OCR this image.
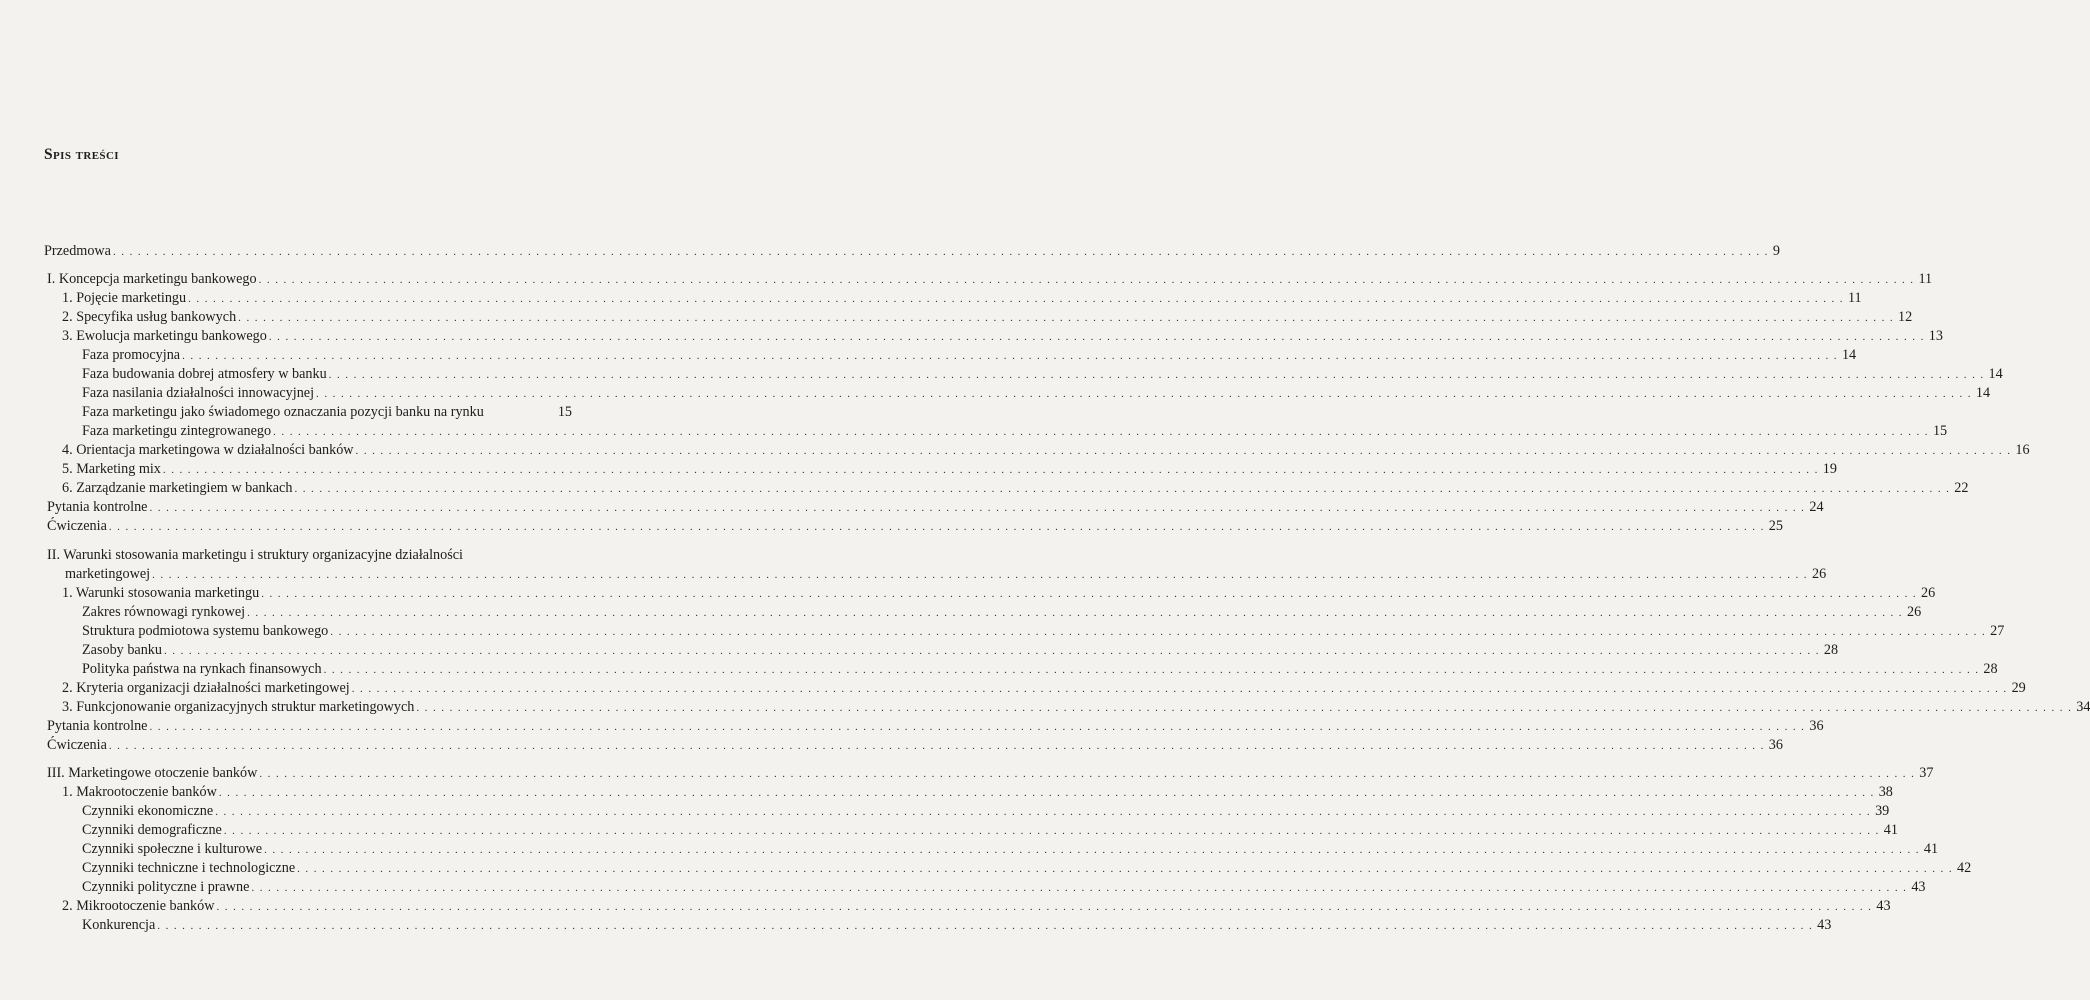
Spis treści
II. Warunki stosowania marketingu i struktury organizacyjne działalności
Przedmowa . . . . . . . . . . . . . . . . . . . . . . . . . . . . . . . . . . . . . . . . . . . . . . . . . . . . . . . . . . . . . . . . . . . . . . . . . . . . . . . . . . . . . . . . . . . . . . . . . . . . . . . . . . . . . . . . . . . . . . . . . . . . . . . . . . . . . . . . . . . . . . . . . . . . . . . . . . . . . . . . . . . . . . . . . . . . . . . . . . . . . . . . . . . . . . . . . . . . . . . . 9
I. Koncepcja marketingu bankowego . . . . . . . . . . . . . . . . . . . . . . . . . . . . . . . . . . . . . . . . . . . . . . . . . . . . . . . . . . . . . . . . . . . . . . . . . . . . . . . . . . . . . . . . . . . . . . . . . . . . . . . . . . . . . . . . . . . . . . . . . . . . . . . . . . . . . . . . . . . . . . . . . . . . . . . . . . . . . . . . . . . . . . . . . . . . . . . . . . . . . . . . . . . . . . . . . . . . . . . . 11
1. Pojęcie marketingu . . . . . . . . . . . . . . . . . . . . . . . . . . . . . . . . . . . . . . . . . . . . . . . . . . . . . . . . . . . . . . . . . . . . . . . . . . . . . . . . . . . . . . . . . . . . . . . . . . . . . . . . . . . . . . . . . . . . . . . . . . . . . . . . . . . . . . . . . . . . . . . . . . . . . . . . . . . . . . . . . . . . . . . . . . . . . . . . . . . . . . . . . . . . . . . . . . . . . . . . 11
2. Specyfika usług bankowych . . . . . . . . . . . . . . . . . . . . . . . . . . . . . . . . . . . . . . . . . . . . . . . . . . . . . . . . . . . . . . . . . . . . . . . . . . . . . . . . . . . . . . . . . . . . . . . . . . . . . . . . . . . . . . . . . . . . . . . . . . . . . . . . . . . . . . . . . . . . . . . . . . . . . . . . . . . . . . . . . . . . . . . . . . . . . . . . . . . . . . . . . . . . . . . . . . . . . . . . 12
3. Ewolucja marketingu bankowego . . . . . . . . . . . . . . . . . . . . . . . . . . . . . . . . . . . . . . . . . . . . . . . . . . . . . . . . . . . . . . . . . . . . . . . . . . . . . . . . . . . . . . . . . . . . . . . . . . . . . . . . . . . . . . . . . . . . . . . . . . . . . . . . . . . . . . . . . . . . . . . . . . . . . . . . . . . . . . . . . . . . . . . . . . . . . . . . . . . . . . . . . . . . . . . . . . . . . . . . 13
Faza promocyjna . . . . . . . . . . . . . . . . . . . . . . . . . . . . . . . . . . . . . . . . . . . . . . . . . . . . . . . . . . . . . . . . . . . . . . . . . . . . . . . . . . . . . . . . . . . . . . . . . . . . . . . . . . . . . . . . . . . . . . . . . . . . . . . . . . . . . . . . . . . . . . . . . . . . . . . . . . . . . . . . . . . . . . . . . . . . . . . . . . . . . . . . . . . . . . . . . . . . . . . . 14
Faza budowania dobrej atmosfery w banku . . . . . . . . . . . . . . . . . . . . . . . . . . . . . . . . . . . . . . . . . . . . . . . . . . . . . . . . . . . . . . . . . . . . . . . . . . . . . . . . . . . . . . . . . . . . . . . . . . . . . . . . . . . . . . . . . . . . . . . . . . . . . . . . . . . . . . . . . . . . . . . . . . . . . . . . . . . . . . . . . . . . . . . . . . . . . . . . . . . . . . . . . . . . . . . . . . . . . . . . 14
Faza nasilania działalności innowacyjnej . . . . . . . . . . . . . . . . . . . . . . . . . . . . . . . . . . . . . . . . . . . . . . . . . . . . . . . . . . . . . . . . . . . . . . . . . . . . . . . . . . . . . . . . . . . . . . . . . . . . . . . . . . . . . . . . . . . . . . . . . . . . . . . . . . . . . . . . . . . . . . . . . . . . . . . . . . . . . . . . . . . . . . . . . . . . . . . . . . . . . . . . . . . . . . . . . . . . . . . . 14
Faza marketingu jako świadomego oznaczania pozycji banku na rynku	15
Faza marketingu zintegrowanego . . . . . . . . . . . . . . . . . . . . . . . . . . . . . . . . . . . . . . . . . . . . . . . . . . . . . . . . . . . . . . . . . . . . . . . . . . . . . . . . . . . . . . . . . . . . . . . . . . . . . . . . . . . . . . . . . . . . . . . . . . . . . . . . . . . . . . . . . . . . . . . . . . . . . . . . . . . . . . . . . . . . . . . . . . . . . . . . . . . . . . . . . . . . . . . . . . . . . . . . 15
4. Orientacja marketingowa w działalności banków . . . . . . . . . . . . . . . . . . . . . . . . . . . . . . . . . . . . . . . . . . . . . . . . . . . . . . . . . . . . . . . . . . . . . . . . . . . . . . . . . . . . . . . . . . . . . . . . . . . . . . . . . . . . . . . . . . . . . . . . . . . . . . . . . . . . . . . . . . . . . . . . . . . . . . . . . . . . . . . . . . . . . . . . . . . . . . . . . . . . . . . . . . . . . . . . . . . . . . . . 16
5. Marketing mix . . . . . . . . . . . . . . . . . . . . . . . . . . . . . . . . . . . . . . . . . . . . . . . . . . . . . . . . . . . . . . . . . . . . . . . . . . . . . . . . . . . . . . . . . . . . . . . . . . . . . . . . . . . . . . . . . . . . . . . . . . . . . . . . . . . . . . . . . . . . . . . . . . . . . . . . . . . . . . . . . . . . . . . . . . . . . . . . . . . . . . . . . . . . . . . . . . . . . . . . 19
6. Zarządzanie marketingiem w bankach . . . . . . . . . . . . . . . . . . . . . . . . . . . . . . . . . . . . . . . . . . . . . . . . . . . . . . . . . . . . . . . . . . . . . . . . . . . . . . . . . . . . . . . . . . . . . . . . . . . . . . . . . . . . . . . . . . . . . . . . . . . . . . . . . . . . . . . . . . . . . . . . . . . . . . . . . . . . . . . . . . . . . . . . . . . . . . . . . . . . . . . . . . . . . . . . . . . . . . . . 22
Pytania kontrolne . . . . . . . . . . . . . . . . . . . . . . . . . . . . . . . . . . . . . . . . . . . . . . . . . . . . . . . . . . . . . . . . . . . . . . . . . . . . . . . . . . . . . . . . . . . . . . . . . . . . . . . . . . . . . . . . . . . . . . . . . . . . . . . . . . . . . . . . . . . . . . . . . . . . . . . . . . . . . . . . . . . . . . . . . . . . . . . . . . . . . . . . . . . . . . . . . . . . . . . . 24
Ćwiczenia . . . . . . . . . . . . . . . . . . . . . . . . . . . . . . . . . . . . . . . . . . . . . . . . . . . . . . . . . . . . . . . . . . . . . . . . . . . . . . . . . . . . . . . . . . . . . . . . . . . . . . . . . . . . . . . . . . . . . . . . . . . . . . . . . . . . . . . . . . . . . . . . . . . . . . . . . . . . . . . . . . . . . . . . . . . . . . . . . . . . . . . . . . . . . . . . . . . . . . . . 25
marketingowej . . . . . . . . . . . . . . . . . . . . . . . . . . . . . . . . . . . . . . . . . . . . . . . . . . . . . . . . . . . . . . . . . . . . . . . . . . . . . . . . . . . . . . . . . . . . . . . . . . . . . . . . . . . . . . . . . . . . . . . . . . . . . . . . . . . . . . . . . . . . . . . . . . . . . . . . . . . . . . . . . . . . . . . . . . . . . . . . . . . . . . . . . . . . . . . . . . . . . . . . 26
1. Warunki stosowania marketingu . . . . . . . . . . . . . . . . . . . . . . . . . . . . . . . . . . . . . . . . . . . . . . . . . . . . . . . . . . . . . . . . . . . . . . . . . . . . . . . . . . . . . . . . . . . . . . . . . . . . . . . . . . . . . . . . . . . . . . . . . . . . . . . . . . . . . . . . . . . . . . . . . . . . . . . . . . . . . . . . . . . . . . . . . . . . . . . . . . . . . . . . . . . . . . . . . . . . . . . . 26
Zakres równowagi rynkowej . . . . . . . . . . . . . . . . . . . . . . . . . . . . . . . . . . . . . . . . . . . . . . . . . . . . . . . . . . . . . . . . . . . . . . . . . . . . . . . . . . . . . . . . . . . . . . . . . . . . . . . . . . . . . . . . . . . . . . . . . . . . . . . . . . . . . . . . . . . . . . . . . . . . . . . . . . . . . . . . . . . . . . . . . . . . . . . . . . . . . . . . . . . . . . . . . . . . . . . . 26
Struktura podmiotowa systemu bankowego . . . . . . . . . . . . . . . . . . . . . . . . . . . . . . . . . . . . . . . . . . . . . . . . . . . . . . . . . . . . . . . . . . . . . . . . . . . . . . . . . . . . . . . . . . . . . . . . . . . . . . . . . . . . . . . . . . . . . . . . . . . . . . . . . . . . . . . . . . . . . . . . . . . . . . . . . . . . . . . . . . . . . . . . . . . . . . . . . . . . . . . . . . . . . . . . . . . . . . . . 27
Zasoby banku . . . . . . . . . . . . . . . . . . . . . . . . . . . . . . . . . . . . . . . . . . . . . . . . . . . . . . . . . . . . . . . . . . . . . . . . . . . . . . . . . . . . . . . . . . . . . . . . . . . . . . . . . . . . . . . . . . . . . . . . . . . . . . . . . . . . . . . . . . . . . . . . . . . . . . . . . . . . . . . . . . . . . . . . . . . . . . . . . . . . . . . . . . . . . . . . . . . . . . . . 28
Polityka państwa na rynkach finansowych . . . . . . . . . . . . . . . . . . . . . . . . . . . . . . . . . . . . . . . . . . . . . . . . . . . . . . . . . . . . . . . . . . . . . . . . . . . . . . . . . . . . . . . . . . . . . . . . . . . . . . . . . . . . . . . . . . . . . . . . . . . . . . . . . . . . . . . . . . . . . . . . . . . . . . . . . . . . . . . . . . . . . . . . . . . . . . . . . . . . . . . . . . . . . . . . . . . . . . . . 28
2. Kryteria organizacji działalności marketingowej . . . . . . . . . . . . . . . . . . . . . . . . . . . . . . . . . . . . . . . . . . . . . . . . . . . . . . . . . . . . . . . . . . . . . . . . . . . . . . . . . . . . . . . . . . . . . . . . . . . . . . . . . . . . . . . . . . . . . . . . . . . . . . . . . . . . . . . . . . . . . . . . . . . . . . . . . . . . . . . . . . . . . . . . . . . . . . . . . . . . . . . . . . . . . . . . . . . . . . . . 29
3. Funkcjonowanie organizacyjnych struktur marketingowych . . . . . . . . . . . . . . . . . . . . . . . . . . . . . . . . . . . . . . . . . . . . . . . . . . . . . . . . . . . . . . . . . . . . . . . . . . . . . . . . . . . . . . . . . . . . . . . . . . . . . . . . . . . . . . . . . . . . . . . . . . . . . . . . . . . . . . . . . . . . . . . . . . . . . . . . . . . . . . . . . . . . . . . . . . . . . . . . . . . . . . . . . . . . . . . . . . . . . . . . 34
Pytania kontrolne . . . . . . . . . . . . . . . . . . . . . . . . . . . . . . . . . . . . . . . . . . . . . . . . . . . . . . . . . . . . . . . . . . . . . . . . . . . . . . . . . . . . . . . . . . . . . . . . . . . . . . . . . . . . . . . . . . . . . . . . . . . . . . . . . . . . . . . . . . . . . . . . . . . . . . . . . . . . . . . . . . . . . . . . . . . . . . . . . . . . . . . . . . . . . . . . . . . . . . . . 36
Ćwiczenia . . . . . . . . . . . . . . . . . . . . . . . . . . . . . . . . . . . . . . . . . . . . . . . . . . . . . . . . . . . . . . . . . . . . . . . . . . . . . . . . . . . . . . . . . . . . . . . . . . . . . . . . . . . . . . . . . . . . . . . . . . . . . . . . . . . . . . . . . . . . . . . . . . . . . . . . . . . . . . . . . . . . . . . . . . . . . . . . . . . . . . . . . . . . . . . . . . . . . . . . 36
III. Marketingowe otoczenie banków . . . . . . . . . . . . . . . . . . . . . . . . . . . . . . . . . . . . . . . . . . . . . . . . . . . . . . . . . . . . . . . . . . . . . . . . . . . . . . . . . . . . . . . . . . . . . . . . . . . . . . . . . . . . . . . . . . . . . . . . . . . . . . . . . . . . . . . . . . . . . . . . . . . . . . . . . . . . . . . . . . . . . . . . . . . . . . . . . . . . . . . . . . . . . . . . . . . . . . . . 37
1. Makrootoczenie banków . . . . . . . . . . . . . . . . . . . . . . . . . . . . . . . . . . . . . . . . . . . . . . . . . . . . . . . . . . . . . . . . . . . . . . . . . . . . . . . . . . . . . . . . . . . . . . . . . . . . . . . . . . . . . . . . . . . . . . . . . . . . . . . . . . . . . . . . . . . . . . . . . . . . . . . . . . . . . . . . . . . . . . . . . . . . . . . . . . . . . . . . . . . . . . . . . . . . . . . . 38
Czynniki ekonomiczne . . . . . . . . . . . . . . . . . . . . . . . . . . . . . . . . . . . . . . . . . . . . . . . . . . . . . . . . . . . . . . . . . . . . . . . . . . . . . . . . . . . . . . . . . . . . . . . . . . . . . . . . . . . . . . . . . . . . . . . . . . . . . . . . . . . . . . . . . . . . . . . . . . . . . . . . . . . . . . . . . . . . . . . . . . . . . . . . . . . . . . . . . . . . . . . . . . . . . . . . 39
Czynniki demograficzne . . . . . . . . . . . . . . . . . . . . . . . . . . . . . . . . . . . . . . . . . . . . . . . . . . . . . . . . . . . . . . . . . . . . . . . . . . . . . . . . . . . . . . . . . . . . . . . . . . . . . . . . . . . . . . . . . . . . . . . . . . . . . . . . . . . . . . . . . . . . . . . . . . . . . . . . . . . . . . . . . . . . . . . . . . . . . . . . . . . . . . . . . . . . . . . . . . . . . . . . 41
Czynniki społeczne i kulturowe . . . . . . . . . . . . . . . . . . . . . . . . . . . . . . . . . . . . . . . . . . . . . . . . . . . . . . . . . . . . . . . . . . . . . . . . . . . . . . . . . . . . . . . . . . . . . . . . . . . . . . . . . . . . . . . . . . . . . . . . . . . . . . . . . . . . . . . . . . . . . . . . . . . . . . . . . . . . . . . . . . . . . . . . . . . . . . . . . . . . . . . . . . . . . . . . . . . . . . . . 41
Czynniki techniczne i technologiczne . . . . . . . . . . . . . . . . . . . . . . . . . . . . . . . . . . . . . . . . . . . . . . . . . . . . . . . . . . . . . . . . . . . . . . . . . . . . . . . . . . . . . . . . . . . . . . . . . . . . . . . . . . . . . . . . . . . . . . . . . . . . . . . . . . . . . . . . . . . . . . . . . . . . . . . . . . . . . . . . . . . . . . . . . . . . . . . . . . . . . . . . . . . . . . . . . . . . . . . . 42
Czynniki polityczne i prawne . . . . . . . . . . . . . . . . . . . . . . . . . . . . . . . . . . . . . . . . . . . . . . . . . . . . . . . . . . . . . . . . . . . . . . . . . . . . . . . . . . . . . . . . . . . . . . . . . . . . . . . . . . . . . . . . . . . . . . . . . . . . . . . . . . . . . . . . . . . . . . . . . . . . . . . . . . . . . . . . . . . . . . . . . . . . . . . . . . . . . . . . . . . . . . . . . . . . . . . . 43
2. Mikrootoczenie banków . . . . . . . . . . . . . . . . . . . . . . . . . . . . . . . . . . . . . . . . . . . . . . . . . . . . . . . . . . . . . . . . . . . . . . . . . . . . . . . . . . . . . . . . . . . . . . . . . . . . . . . . . . . . . . . . . . . . . . . . . . . . . . . . . . . . . . . . . . . . . . . . . . . . . . . . . . . . . . . . . . . . . . . . . . . . . . . . . . . . . . . . . . . . . . . . . . . . . . . . 43
Konkurencja . . . . . . . . . . . . . . . . . . . . . . . . . . . . . . . . . . . . . . . . . . . . . . . . . . . . . . . . . . . . . . . . . . . . . . . . . . . . . . . . . . . . . . . . . . . . . . . . . . . . . . . . . . . . . . . . . . . . . . . . . . . . . . . . . . . . . . . . . . . . . . . . . . . . . . . . . . . . . . . . . . . . . . . . . . . . . . . . . . . . . . . . . . . . . . . . . . . . . . . . 43
